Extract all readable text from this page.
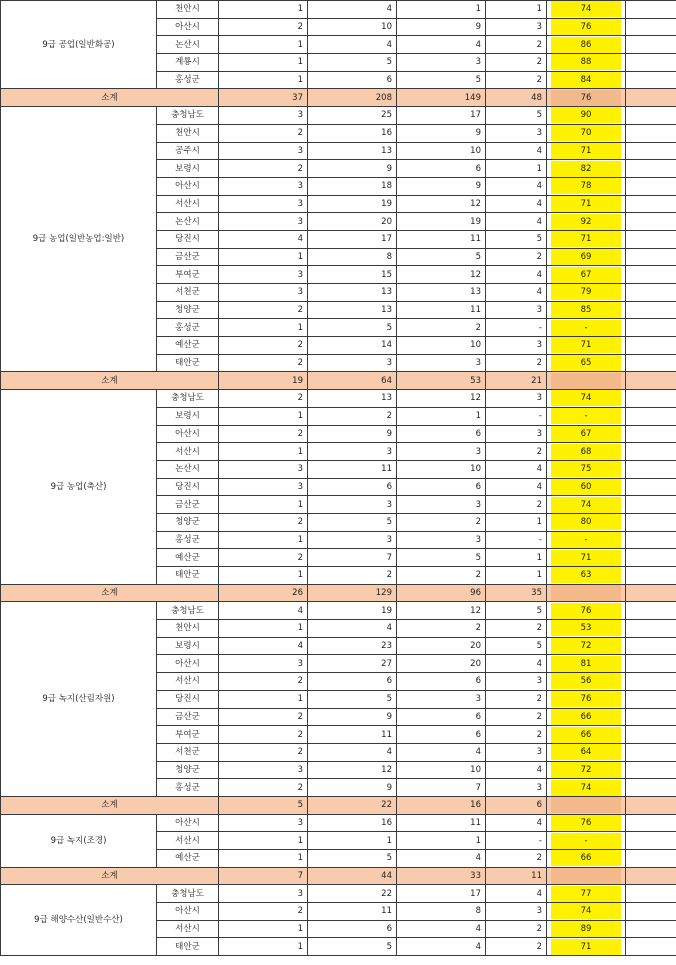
9급 공업(일반화공)	천안시	1	4	1	1	74	

	아산시	2	10	9	3	76	

	논산시	1	4	4	2	86	

	계룡시	1	5	3	2	88	

	홍성군	1	6	5	2	84	

소계		37	208	149	48	76	

9급 농업(일반농업:일반)	충청남도	3	25	17	5	90	

	천안시	2	16	9	3	70	

	공주시	3	13	10	4	71	

	보령시	2	9	6	1	82	

	아산시	3	18	9	4	78	

	서산시	3	19	12	4	71	

	논산시	3	20	19	4	92	

	당진시	4	17	11	5	71	

	금산군	1	8	5	2	69	

	부여군	3	15	12	4	67	

	서천군	3	13	13	4	79	

	청양군	2	13	11	3	85	

	홍성군	1	5	2	-	-	

	예산군	2	14	10	3	71	

	태안군	2	3	3	2	65	

소계		19	64	53	21	

9급 농업(축산)	충청남도	2	13	12	3	74	

	보령시	1	2	1	-	-	

	아산시	2	9	6	3	67	

	서산시	1	3	3	2	68	

	논산시	3	11	10	4	75	

	당진시	3	6	6	4	60	

	금산군	1	3	3	2	74	

	청양군	2	5	2	1	80	

	홍성군	1	3	3	-	-	

	예산군	2	7	5	1	71	

	태안군	1	2	2	1	63	

소계		26	129	96	35	

9급 녹지(산림자원)	충청남도	4	19	12	5	76	

	천안시	1	4	2	2	53	

	보령시	4	23	20	5	72	

	아산시	3	27	20	4	81	

	서산시	2	6	6	3	56	

	당진시	1	5	3	2	76	

	금산군	2	9	6	2	66	

	부여군	2	11	6	2	66	

	서천군	2	4	4	3	64	

	청양군	3	12	10	4	72	

	홍성군	2	9	7	3	74	

소계		5	22	16	6	

9급 녹지(조경)	아산시	3	16	11	4	76	

	서산시	1	1	1	-	-	

	예산군	1	5	4	2	66	

소계		7	44	33	11	

9급 해양수산(일반수산)	충청남도	3	22	17	4	77	

	아산시	2	11	8	3	74	

	서산시	1	6	4	2	89	

	태안군	1	5	4	2	71	
